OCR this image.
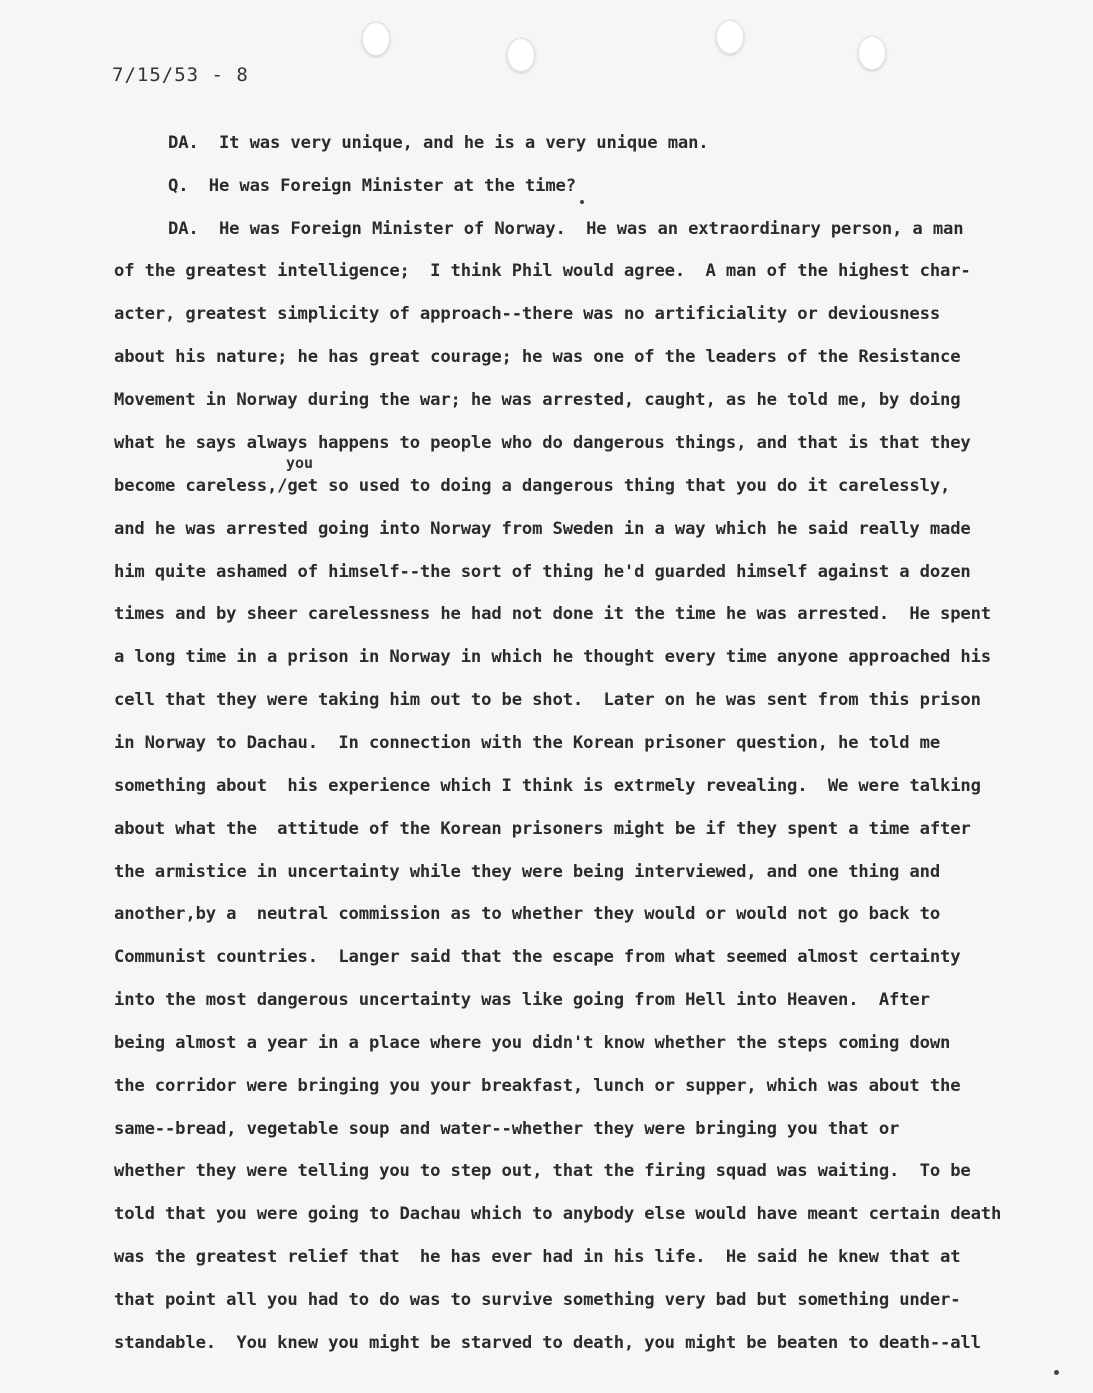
7/15/53 - 8
DA.  It was very unique, and he is a very unique man.
Q.  He was Foreign Minister at the time?
DA.  He was Foreign Minister of Norway.  He was an extraordinary person, a man
of the greatest intelligence;  I think Phil would agree.  A man of the highest char-
acter, greatest simplicity of approach--there was no artificiality or deviousness
about his nature; he has great courage; he was one of the leaders of the Resistance
Movement in Norway during the war; he was arrested, caught, as he told me, by doing
what he says always happens to people who do dangerous things, and that is that they
you
become careless,/get so used to doing a dangerous thing that you do it carelessly,
and he was arrested going into Norway from Sweden in a way which he said really made
him quite ashamed of himself--the sort of thing he'd guarded himself against a dozen
times and by sheer carelessness he had not done it the time he was arrested.  He spent
a long time in a prison in Norway in which he thought every time anyone approached his
cell that they were taking him out to be shot.  Later on he was sent from this prison
in Norway to Dachau.  In connection with the Korean prisoner question, he told me
something about  his experience which I think is extrmely revealing.  We were talking
about what the  attitude of the Korean prisoners might be if they spent a time after
the armistice in uncertainty while they were being interviewed, and one thing and
another,by a  neutral commission as to whether they would or would not go back to
Communist countries.  Langer said that the escape from what seemed almost certainty
into the most dangerous uncertainty was like going from Hell into Heaven.  After
being almost a year in a place where you didn't know whether the steps coming down
the corridor were bringing you your breakfast, lunch or supper, which was about the
same--bread, vegetable soup and water--whether they were bringing you that or
whether they were telling you to step out, that the firing squad was waiting.  To be
told that you were going to Dachau which to anybody else would have meant certain death
was the greatest relief that  he has ever had in his life.  He said he knew that at
that point all you had to do was to survive something very bad but something under-
standable.  You knew you might be starved to death, you might be beaten to death--all
